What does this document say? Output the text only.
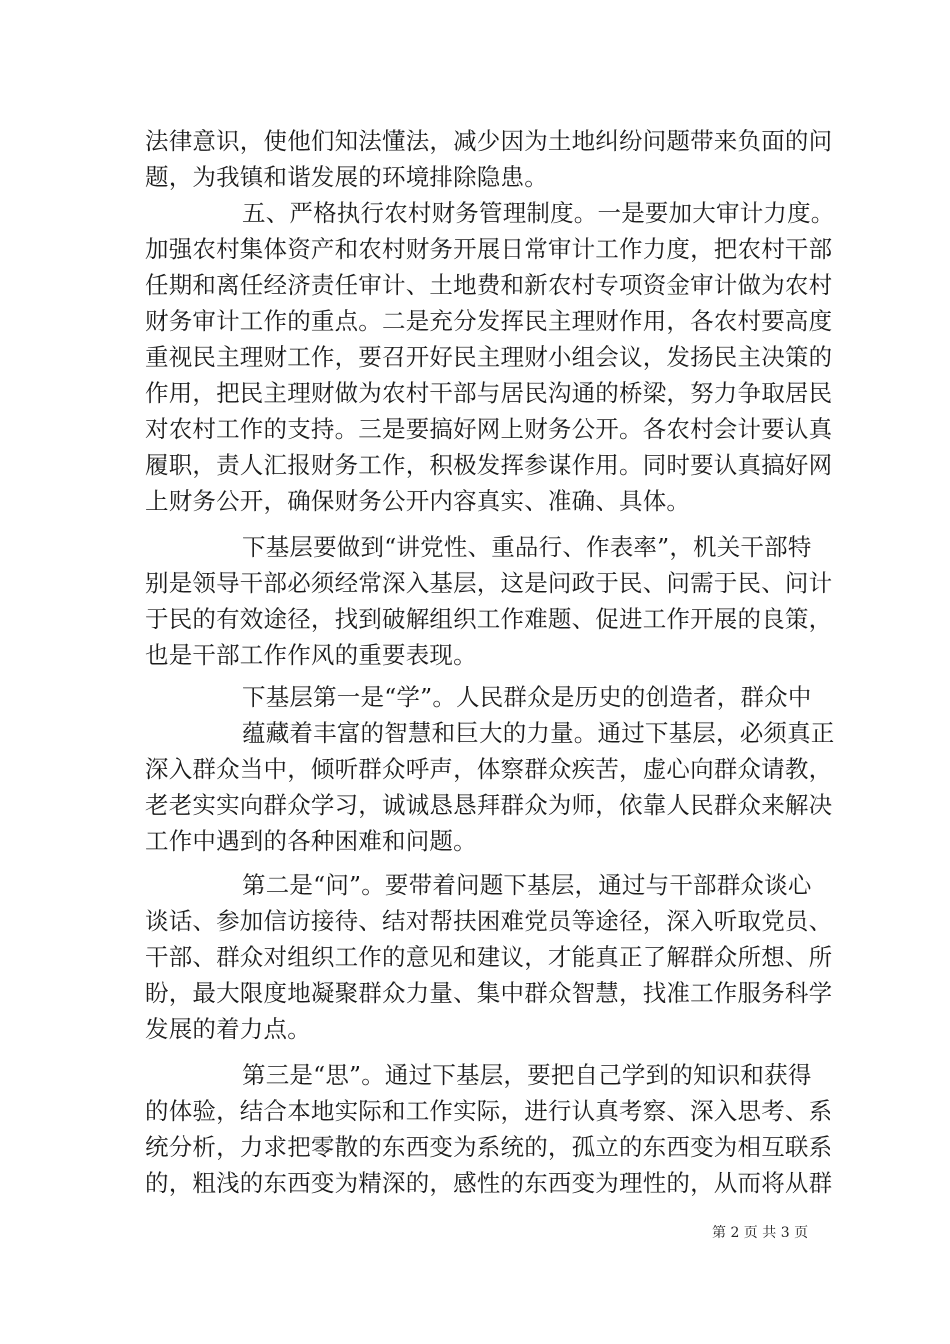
法律意识，使他们知法懂法，减少因为土地纠纷问题带来负面的问
题，为我镇和谐发展的环境排除隐患。
五、严格执行农村财务管理制度。一是要加大审计力度。
加强农村集体资产和农村财务开展日常审计工作力度，把农村干部
任期和离任经济责任审计、土地费和新农村专项资金审计做为农村
财务审计工作的重点。二是充分发挥民主理财作用，各农村要高度
重视民主理财工作，要召开好民主理财小组会议，发扬民主决策的
作用，把民主理财做为农村干部与居民沟通的桥梁，努力争取居民
对农村工作的支持。三是要搞好网上财务公开。各农村会计要认真
履职，责人汇报财务工作，积极发挥参谋作用。同时要认真搞好网
上财务公开，确保财务公开内容真实、准确、具体。
下基层要做到“讲党性、重品行、作表率”，机关干部特
别是领导干部必须经常深入基层，这是问政于民、问需于民、问计
于民的有效途径，找到破解组织工作难题、促进工作开展的良策，
也是干部工作作风的重要表现。
下基层第一是“学”。人民群众是历史的创造者，群众中
蕴藏着丰富的智慧和巨大的力量。通过下基层，必须真正
深入群众当中，倾听群众呼声，体察群众疾苦，虚心向群众请教，
老老实实向群众学习，诚诚恳恳拜群众为师，依靠人民群众来解决
工作中遇到的各种困难和问题。
第二是“问”。要带着问题下基层，通过与干部群众谈心
谈话、参加信访接待、结对帮扶困难党员等途径，深入听取党员、
干部、群众对组织工作的意见和建议，才能真正了解群众所想、所
盼，最大限度地凝聚群众力量、集中群众智慧，找准工作服务科学
发展的着力点。
第三是“思”。通过下基层，要把自己学到的知识和获得
的体验，结合本地实际和工作实际，进行认真考察、深入思考、系
统分析，力求把零散的东西变为系统的，孤立的东西变为相互联系
的，粗浅的东西变为精深的，感性的东西变为理性的，从而将从群
第 2 页 共 3 页
